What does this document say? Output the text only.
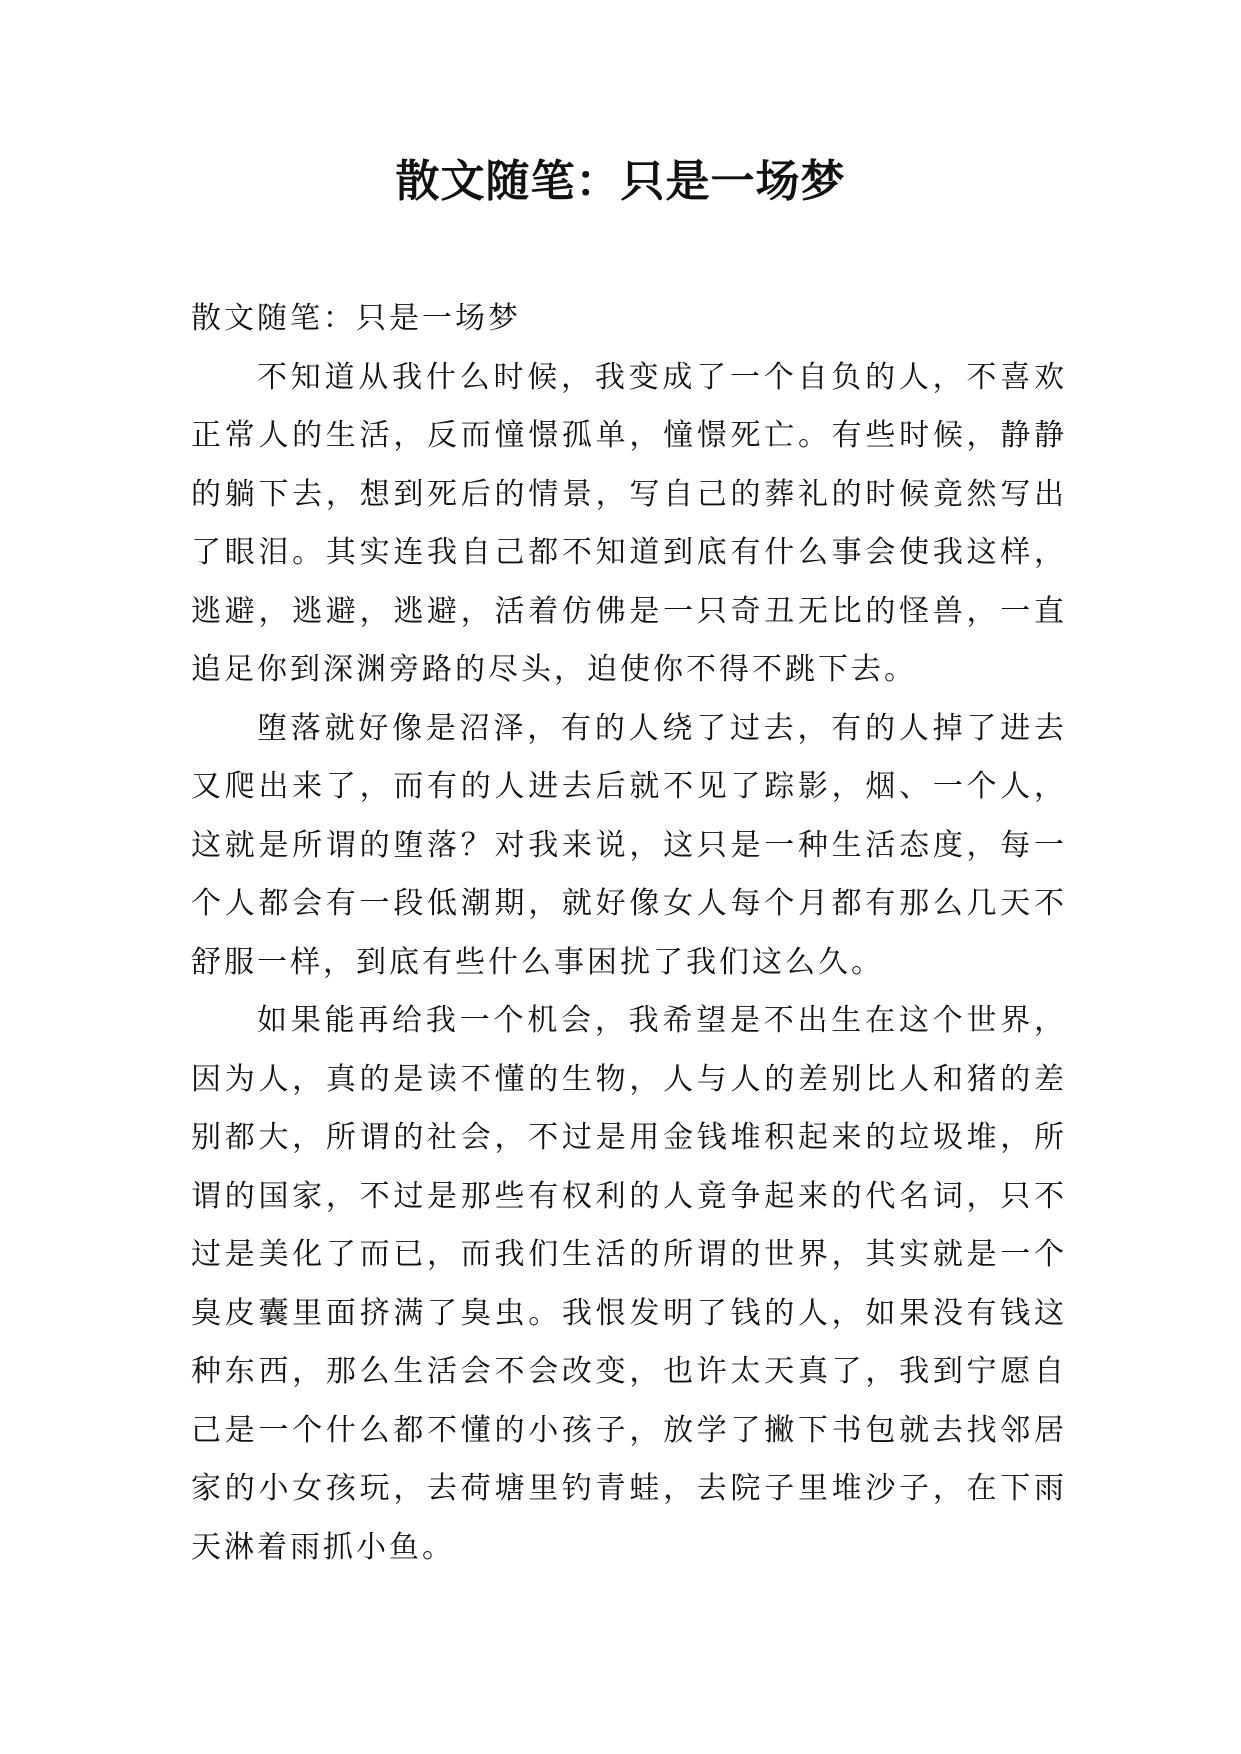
散文随笔：只是一场梦

散文随笔：只是一场梦

不知道从我什么时候，我变成了一个自负的人，不喜欢正常人的生活，反而憧憬孤单，憧憬死亡。有些时候，静静的躺下去，想到死后的情景，写自己的葬礼的时候竟然写出了眼泪。其实连我自己都不知道到底有什么事会使我这样，逃避，逃避，逃避，活着仿佛是一只奇丑无比的怪兽，一直追足你到深渊旁路的尽头，迫使你不得不跳下去。

堕落就好像是沼泽，有的人绕了过去，有的人掉了进去又爬出来了，而有的人进去后就不见了踪影，烟、一个人，这就是所谓的堕落？对我来说，这只是一种生活态度，每一个人都会有一段低潮期，就好像女人每个月都有那么几天不舒服一样，到底有些什么事困扰了我们这么久。

如果能再给我一个机会，我希望是不出生在这个世界，因为人，真的是读不懂的生物，人与人的差别比人和猪的差别都大，所谓的社会，不过是用金钱堆积起来的垃圾堆，所谓的国家，不过是那些有权利的人竟争起来的代名词，只不过是美化了而已，而我们生活的所谓的世界，其实就是一个臭皮囊里面挤满了臭虫。我恨发明了钱的人，如果没有钱这种东西，那么生活会不会改变，也许太天真了，我到宁愿自己是一个什么都不懂的小孩子，放学了撇下书包就去找邻居家的小女孩玩，去荷塘里钓青蛙，去院子里堆沙子，在下雨天淋着雨抓小鱼。
